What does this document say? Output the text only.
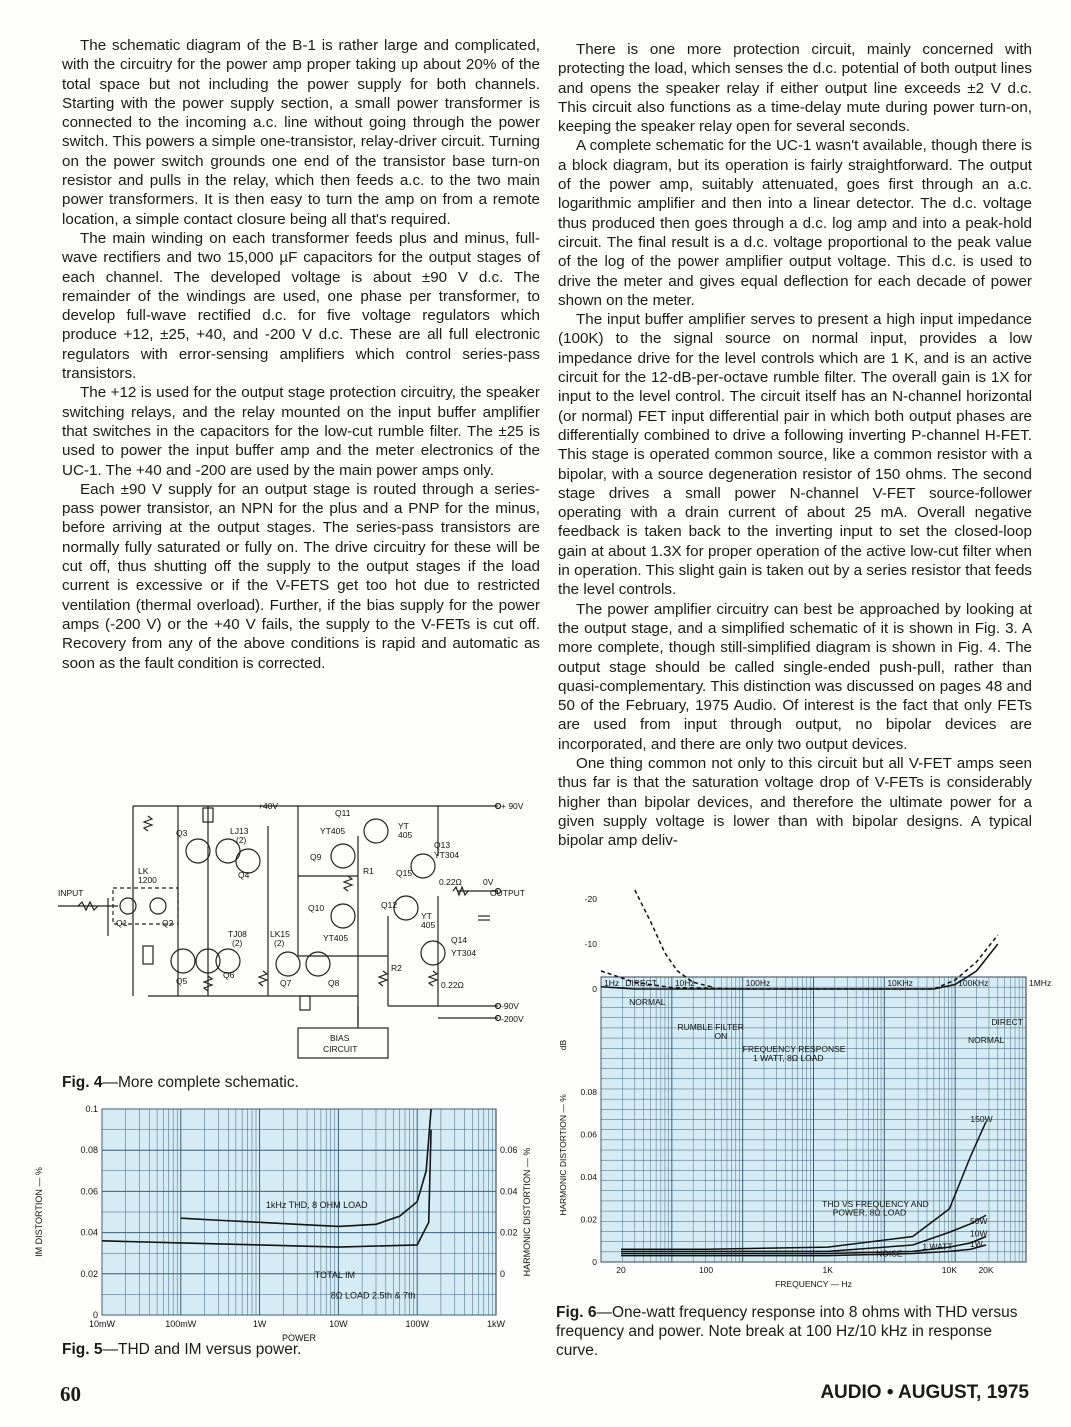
The schematic diagram of the B-1 is rather large and complicated, with the circuitry for the power amp proper taking up about 20% of the total space but not including the power supply for both channels. Starting with the power supply section, a small power transformer is connected to the incoming a.c. line without going through the power switch. This powers a simple one-transistor, relay-driver circuit. Turning on the power switch grounds one end of the transistor base turn-on resistor and pulls in the relay, which then feeds a.c. to the two main power transformers. It is then easy to turn the amp on from a remote location, a simple contact closure being all that's required.

The main winding on each transformer feeds plus and minus, full-wave rectifiers and two 15,000 µF capacitors for the output stages of each channel. The developed voltage is about ±90 V d.c. The remainder of the windings are used, one phase per transformer, to develop full-wave rectified d.c. for five voltage regulators which produce +12, ±25, +40, and -200 V d.c. These are all full electronic regulators with error-sensing amplifiers which control series-pass transistors.

The +12 is used for the output stage protection circuitry, the speaker switching relays, and the relay mounted on the input buffer amplifier that switches in the capacitors for the low-cut rumble filter. The ±25 is used to power the input buffer amp and the meter electronics of the UC-1. The +40 and -200 are used by the main power amps only.

Each ±90 V supply for an output stage is routed through a series-pass power transistor, an NPN for the plus and a PNP for the minus, before arriving at the output stages. The series-pass transistors are normally fully saturated or fully on. The drive circuitry for these will be cut off, thus shutting off the supply to the output stages if the load current is excessive or if the V-FETS get too hot due to restricted ventilation (thermal overload). Further, if the bias supply for the power amps (-200 V) or the +40 V fails, the supply to the V-FETs is cut off. Recovery from any of the above conditions is rapid and automatic as soon as the fault condition is corrected.

There is one more protection circuit, mainly concerned with protecting the load, which senses the d.c. potential of both output lines and opens the speaker relay if either output line exceeds ±2 V d.c. This circuit also functions as a time-delay mute during power turn-on, keeping the speaker relay open for several seconds.

A complete schematic for the UC-1 wasn't available, though there is a block diagram, but its operation is fairly straightforward. The output of the power amp, suitably attenuated, goes first through an a.c. logarithmic amplifier and then into a linear detector. The d.c. voltage thus produced then goes through a d.c. log amp and into a peak-hold circuit. The final result is a d.c. voltage proportional to the peak value of the log of the power amplifier output voltage. This d.c. is used to drive the meter and gives equal deflection for each decade of power shown on the meter.

The input buffer amplifier serves to present a high input impedance (100K) to the signal source on normal input, provides a low impedance drive for the level controls which are 1 K, and is an active circuit for the 12-dB-per-octave rumble filter. The overall gain is 1X for input to the level control. The circuit itself has an N-channel horizontal (or normal) FET input differential pair in which both output phases are differentially combined to drive a following inverting P-channel H-FET. This stage is operated common source, like a common resistor with a bipolar, with a source degeneration resistor of 150 ohms. The second stage drives a small power N-channel V-FET source-follower operating with a drain current of about 25 mA. Overall negative feedback is taken back to the inverting input to set the closed-loop gain at about 1.3X for proper operation of the active low-cut filter when in operation. This slight gain is taken out by a series resistor that feeds the level controls.

The power amplifier circuitry can best be approached by looking at the output stage, and a simplified schematic of it is shown in Fig. 3. A more complete, though still-simplified diagram is shown in Fig. 4. The output stage should be called single-ended push-pull, rather than quasi-complementary. This distinction was discussed on pages 48 and 50 of the February, 1975 Audio. Of interest is the fact that only FETs are used from input through output, no bipolar devices are incorporated, and there are only two output devices.

One thing common not only to this circuit but all V-FET amps seen thus far is that the saturation voltage drop of V-FETs is considerably higher than bipolar devices, and therefore the ultimate power for a given supply voltage is lower than with bipolar designs. A typical bipolar amp deliv-

+40V	+ 90V
-90V
-200V
INPUT
0V
OUTPUT
Q1	Q2
Q3
Q4
Q5
Q6
Q7	Q8
Q9
Q10
Q11
Q12
Q13
Q14
Q15
LJ13
(2)
LK
1200
TJ08
(2)
LK15
(2)
YT405
YT405
YT
405
YT
405
YT304
YT304
R1
R2
0.22Ω
0.22Ω
BIAS
CIRCUIT
Fig. 4—More complete schematic.
10mW	100mW	1W	10W	100W	1kW
0
0.02
0.04
0.06
0.08
0.1
0
0.02
0.04
0.06
POWER
IM DISTORTION — %	HARMONIC DISTORTION — %
1kHz THD, 8 OHM LOAD
TOTAL IM
8Ω LOAD 2.5th & 7th
Fig. 5—THD and IM versus power.
1Hz	10Hz	100Hz	10KHz	100KHz	1MHz
20	100	1K	10K	20K
FREQUENCY — Hz
0
-10
-20
0
0.02
0.04
0.06
0.08
dB
HARMONIC DISTORTION — %
DIRECT
NORMAL
RUMBLE FILTER
ON
FREQUENCY RESPONSE
1 WATT, 8Ω LOAD
DIRECT
NORMAL
150W
THD VS FREQUENCY AND
POWER, 8Ω LOAD
50W
10W
1W
1 WATT
NOISE
Fig. 6—One-watt frequency response into 8 ohms with THD versus frequency and power. Note break at 100 Hz/10 kHz in response curve.
60	AUDIO • AUGUST, 1975
